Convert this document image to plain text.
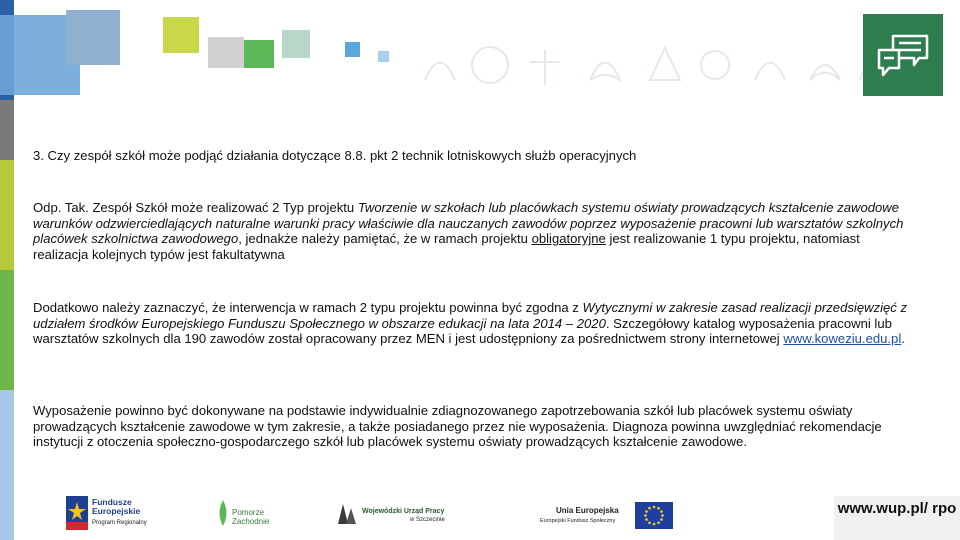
3. Czy zespół szkół może podjąć działania dotyczące 8.8. pkt 2 technik lotniskowych służb operacyjnych
Odp. Tak. Zespół Szkół może realizować 2 Typ projektu Tworzenie w szkołach lub placówkach systemu oświaty prowadzących kształcenie zawodowe warunków odzwierciedlających naturalne warunki pracy właściwie dla nauczanych zawodów poprzez wyposażenie pracowni lub warsztatów szkolnych placówek szkolnictwa zawodowego, jednakże należy pamiętać, że w ramach projektu obligatoryjne jest realizowanie 1 typu projektu, natomiast realizacja kolejnych typów jest fakultatywna
Dodatkowo należy zaznaczyć, że interwencja w ramach 2 typu projektu powinna być zgodna z Wytycznymi w zakresie zasad realizacji przedsięwzięć z udziałem środków Europejskiego Funduszu Społecznego w obszarze edukacji na lata 2014 – 2020. Szczegółowy katalog wyposażenia pracowni lub warsztatów szkolnych dla 190 zawodów został opracowany przez MEN i jest udostępniony za pośrednictwem strony internetowej www.koweziu.edu.pl.
Wyposażenie powinno być dokonywane na podstawie indywidualnie zdiagnozowanego zapotrzebowania szkół lub placówek systemu oświaty prowadzących kształcenie zawodowe w tym zakresie, a także posiadanego przez nie wyposażenia. Diagnoza powinna uwzględniać rekomendacje instytucji z otoczenia społeczno-gospodarczego szkół lub placówek systemu oświaty prowadzących kształcenie zawodowe.
Fundusze
Europejskie
Program Regionalny
Pomorze
Zachodnie
Wojewódzki Urząd Pracy
w Szczecinie
Unia Europejska
Europejski Fundusz Społeczny
www.wup.pl/ rpo
